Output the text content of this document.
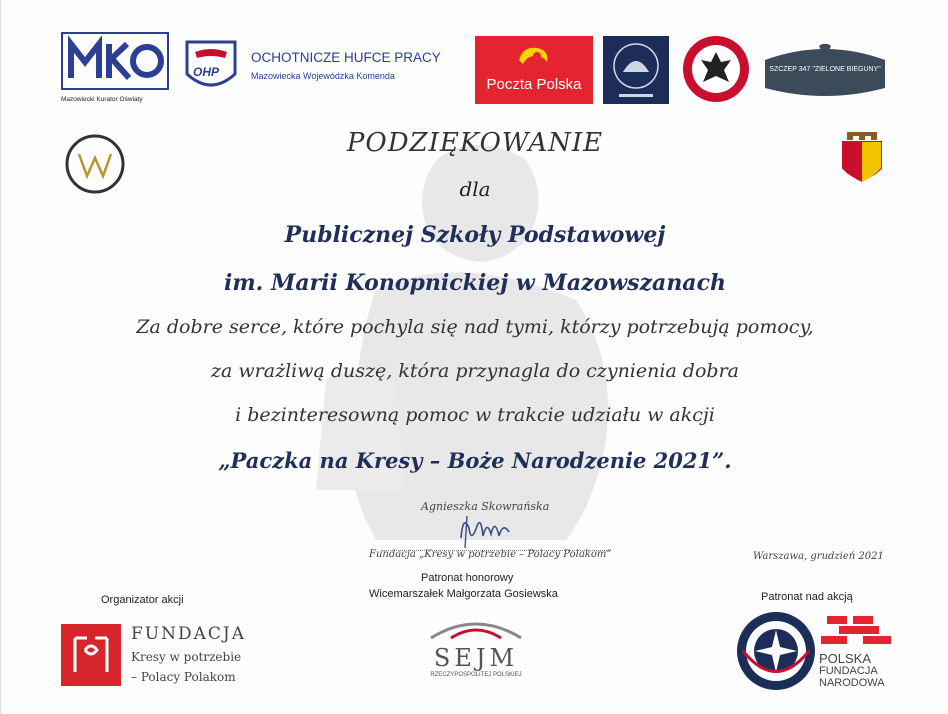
Mazowiecki Kurator Oświaty
OHP
OCHOTNICZE HUFCE PRACY
Mazowiecka Wojewódzka Komenda	Poczta Polska
SZCZEP 347 "ZIELONE BIEGUNY"
PODZIĘKOWANIE
dla
Publicznej Szkoły Podstawowej
im. Marii Konopnickiej w Mazowszanach
Za dobre serce, które pochyla się nad tymi, którzy potrzebują pomocy,
za wrażliwą duszę, która przynagla do czynienia dobra
i bezinteresowną pomoc w trakcie udziału w akcji
„Paczka na Kresy – Boże Narodzenie 2021”.
Agnieszka Skowrańska
Fundacja „Kresy w potrzebie – Polacy Polakom”	Warszawa, grudzień 2021
Organizator akcji
Patronat honorowy
Wicemarszałek Małgorzata Gosiewska	Patronat nad akcją
FUNDACJA
Kresy w potrzebie
– Polacy Polakom
SEJM
RZECZYPOSPOLITEJ POLSKIEJ
POLSKA
FUNDACJA
NARODOWA
